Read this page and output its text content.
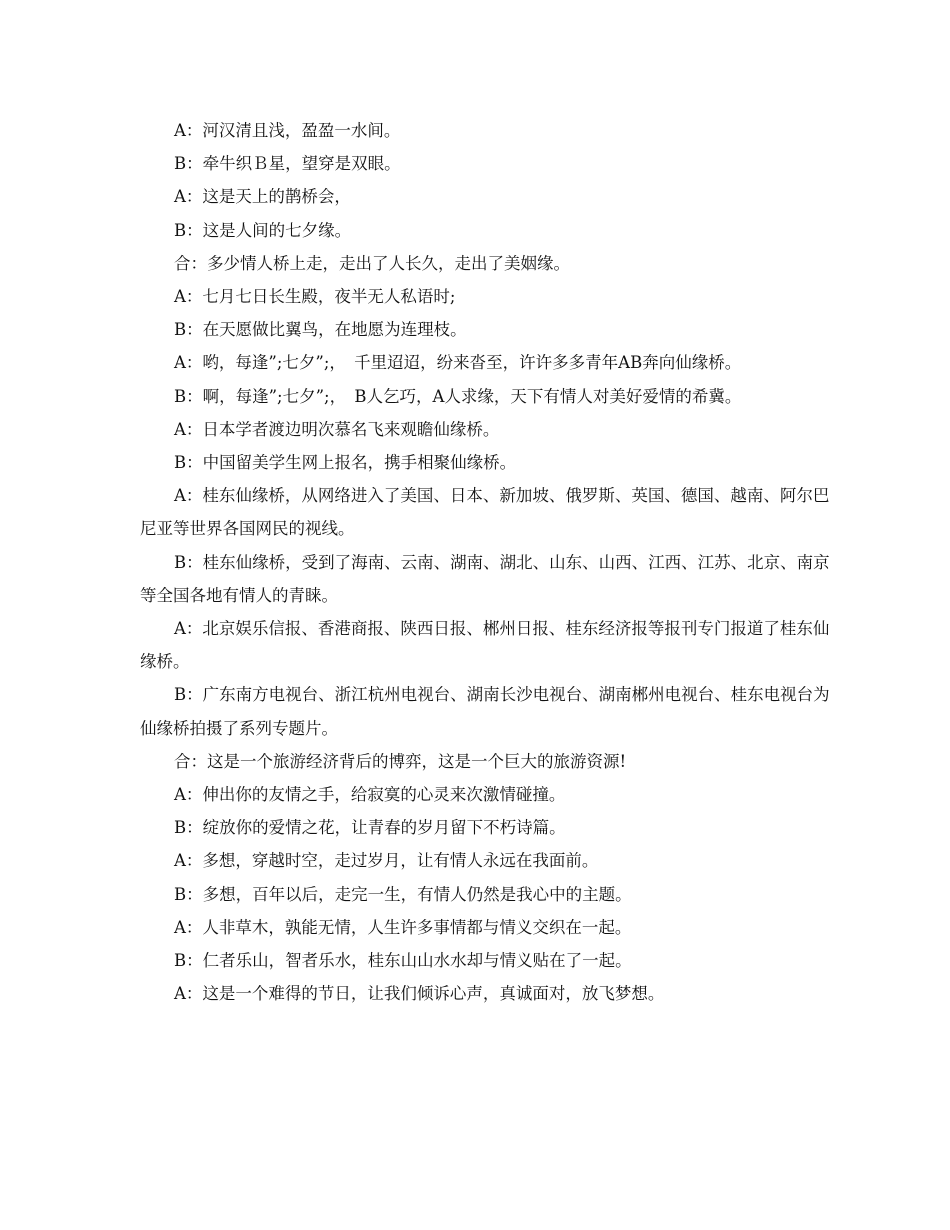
A：河汉清且浅，盈盈一水间。

B：牵牛织Ｂ星，望穿是双眼。

A：这是天上的鹊桥会，

B：这是人间的七夕缘。

合：多少情人桥上走，走出了人长久，走出了美姻缘。

A：七月七日长生殿，夜半无人私语时;

B：在天愿做比翼鸟，在地愿为连理枝。

A：哟，每逢”;七夕”;，　千里迢迢，纷来沓至，许许多多青年AB奔向仙缘桥。

B：啊，每逢”;七夕”;，　B人乞巧，A人求缘，天下有情人对美好爱情的希冀。

A：日本学者渡边明次慕名飞来观瞻仙缘桥。

B：中国留美学生网上报名，携手相聚仙缘桥。

A：桂东仙缘桥，从网络进入了美国、日本、新加坡、俄罗斯、英国、德国、越南、阿尔巴尼亚等世界各国网民的视线。

B：桂东仙缘桥，受到了海南、云南、湖南、湖北、山东、山西、江西、江苏、北京、南京等全国各地有情人的青睐。

A：北京娱乐信报、香港商报、陕西日报、郴州日报、桂东经济报等报刊专门报道了桂东仙缘桥。

B：广东南方电视台、浙江杭州电视台、湖南长沙电视台、湖南郴州电视台、桂东电视台为仙缘桥拍摄了系列专题片。

合：这是一个旅游经济背后的博弈，这是一个巨大的旅游资源!

A：伸出你的友情之手，给寂寞的心灵来次激情碰撞。

B：绽放你的爱情之花，让青春的岁月留下不朽诗篇。

A：多想，穿越时空，走过岁月，让有情人永远在我面前。

B：多想，百年以后，走完一生，有情人仍然是我心中的主题。

A：人非草木，孰能无情，人生许多事情都与情义交织在一起。

B：仁者乐山，智者乐水，桂东山山水水却与情义贴在了一起。

A：这是一个难得的节日，让我们倾诉心声，真诚面对，放飞梦想。
